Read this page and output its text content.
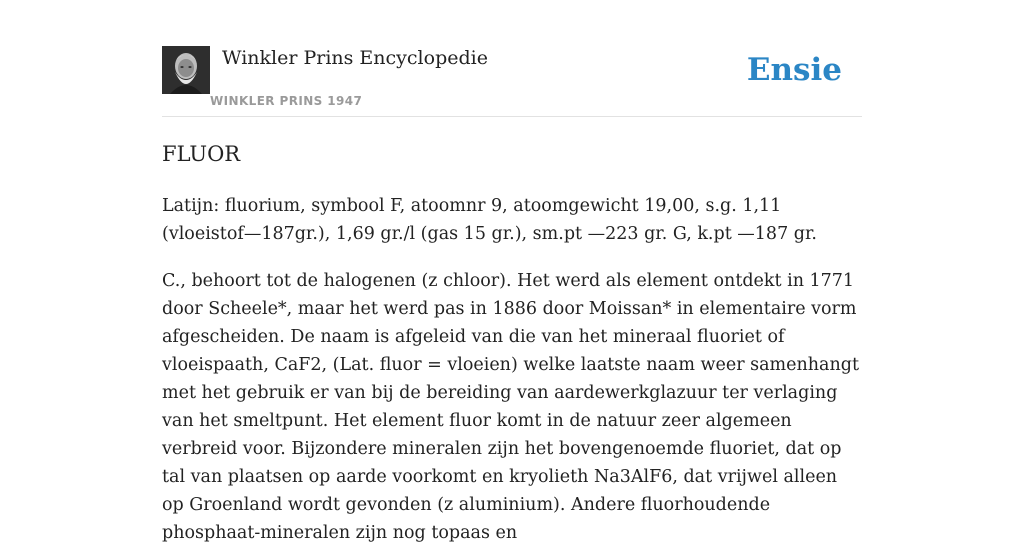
Winkler Prins Encyclopedie
WINKLER PRINS 1947
Ensie
FLUOR

Latijn: fluorium, symbool F, atoomnr 9, atoomgewicht 19,00, s.g. 1,11 (vloeistof—187gr.), 1,69 gr./l (gas 15 gr.), sm.pt —223 gr. G, k.pt —187 gr.

C., behoort tot de halogenen (z chloor). Het werd als element ontdekt in 1771 door Scheele*, maar het werd pas in 1886 door Moissan* in elementaire vorm afgescheiden. De naam is afgeleid van die van het mineraal fluoriet of vloeispaath, CaF2, (Lat. fluor = vloeien) welke laatste naam weer samenhangt met het gebruik er van bij de bereiding van aardewerkglazuur ter verlaging van het smeltpunt. Het element fluor komt in de natuur zeer algemeen verbreid voor. Bijzondere mineralen zijn het bovengenoemde fluoriet, dat op tal van plaatsen op aarde voorkomt en kryolieth Na3AlF6, dat vrijwel alleen op Groenland wordt gevonden (z aluminium). Andere fluorhoudende phosphaat-mineralen zijn nog topaas en
